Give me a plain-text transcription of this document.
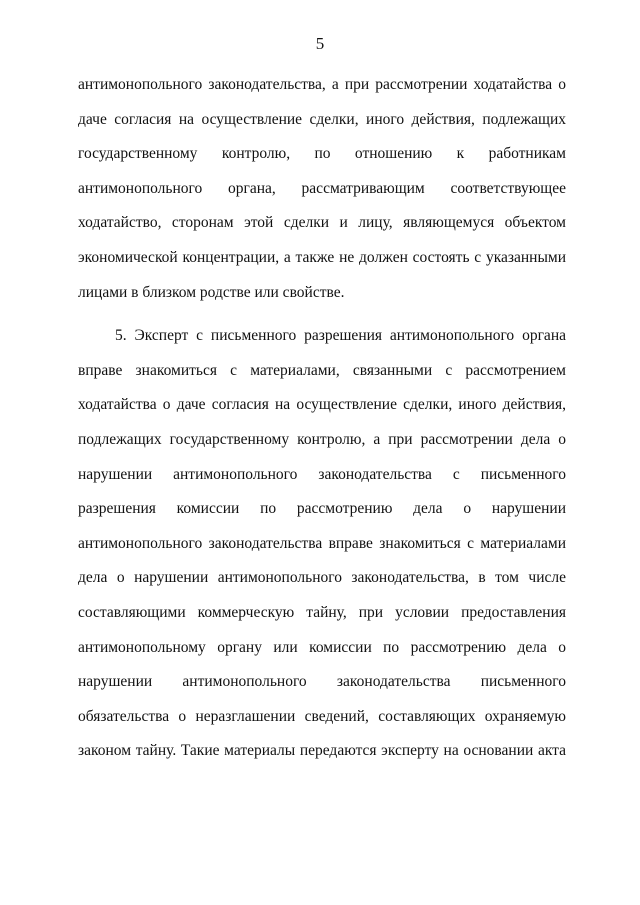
5
антимонопольного законодательства, а при рассмотрении ходатайства о
даче согласия на осуществление сделки, иного действия, подлежащих
государственному контролю, по отношению к работникам
антимонопольного органа, рассматривающим соответствующее
ходатайство, сторонам этой сделки и лицу, являющемуся объектом
экономической концентрации, а также не должен состоять с указанными
лицами в близком родстве или свойстве.
5. Эксперт с письменного разрешения антимонопольного органа
вправе знакомиться с материалами, связанными с рассмотрением
ходатайства о даче согласия на осуществление сделки, иного действия,
подлежащих государственному контролю, а при рассмотрении дела о
нарушении антимонопольного законодательства с письменного
разрешения комиссии по рассмотрению дела о нарушении
антимонопольного законодательства вправе знакомиться с материалами
дела о нарушении антимонопольного законодательства, в том числе
составляющими коммерческую тайну, при условии предоставления
антимонопольному органу или комиссии по рассмотрению дела о
нарушении антимонопольного законодательства письменного
обязательства о неразглашении сведений, составляющих охраняемую
законом тайну. Такие материалы передаются эксперту на основании акта
